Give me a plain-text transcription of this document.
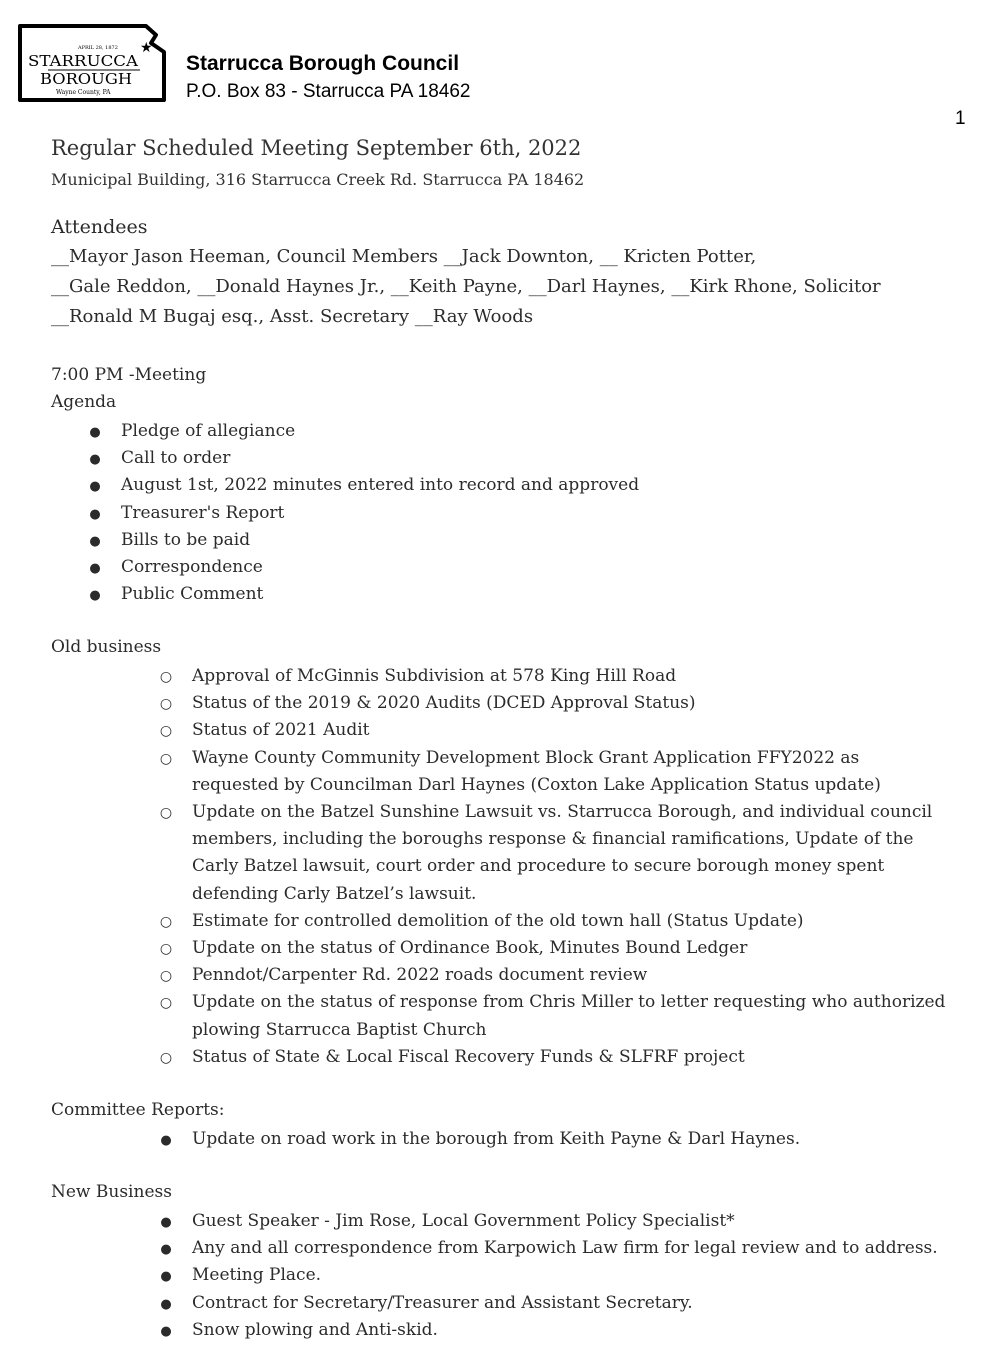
★
APRIL 28, 1872
STARRUCCA
BOROUGH
Wayne County, PA
Starrucca Borough Council
P.O. Box 83 - Starrucca PA 18462
1
Regular Scheduled Meeting September 6th, 2022
Municipal Building, 316 Starrucca Creek Rd. Starrucca PA 18462
Attendees
__Mayor Jason Heeman, Council Members __Jack Downton, __ Kricten Potter,
__Gale Reddon, __Donald Haynes Jr., __Keith Payne, __Darl Haynes, __Kirk Rhone, Solicitor
__Ronald M Bugaj esq., Asst. Secretary __Ray Woods
7:00 PM -Meeting
Agenda
●
Pledge of allegiance
●
Call to order
●
August 1st, 2022 minutes entered into record and approved
●
Treasurer's Report
●
Bills to be paid
●
Correspondence
●
Public Comment
Old business
○
Approval of McGinnis Subdivision at 578 King Hill Road
○
Status of the 2019 & 2020 Audits (DCED Approval Status)
○
Status of 2021 Audit
○
Wayne County Community Development Block Grant Application FFY2022 as
requested by Councilman Darl Haynes (Coxton Lake Application Status update)
○
Update on the Batzel Sunshine Lawsuit vs. Starrucca Borough, and individual council
members, including the boroughs response & financial ramifications, Update of the
Carly Batzel lawsuit, court order and procedure to secure borough money spent
defending Carly Batzel’s lawsuit.
○
Estimate for controlled demolition of the old town hall (Status Update)
○
Update on the status of Ordinance Book, Minutes Bound Ledger
○
Penndot/Carpenter Rd. 2022 roads document review
○
Update on the status of response from Chris Miller to letter requesting who authorized
plowing Starrucca Baptist Church
○
Status of State & Local Fiscal Recovery Funds & SLFRF project
Committee Reports:
●
Update on road work in the borough from Keith Payne & Darl Haynes.
New Business
●
Guest Speaker - Jim Rose, Local Government Policy Specialist*
●
Any and all correspondence from Karpowich Law firm for legal review and to address.
●
Meeting Place.
●
Contract for Secretary/Treasurer and Assistant Secretary.
●
Snow plowing and Anti-skid.
